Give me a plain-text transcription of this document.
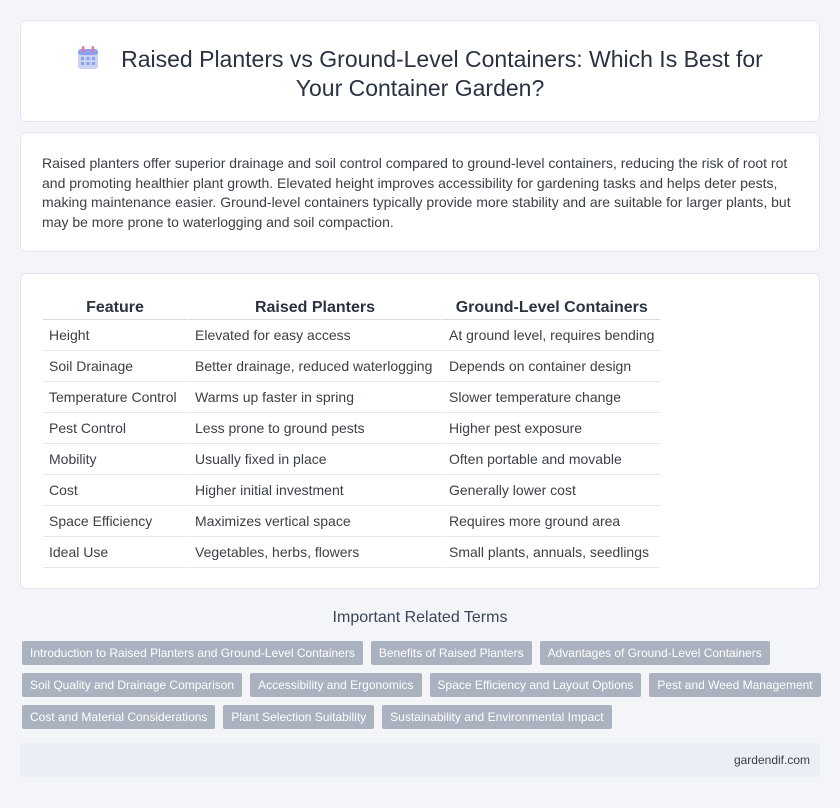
Raised Planters vs Ground-Level Containers: Which Is Best for Your Container Garden?

Raised planters offer superior drainage and soil control compared to ground-level containers, reducing the risk of root rot and promoting healthier plant growth. Elevated height improves accessibility for gardening tasks and helps deter pests, making maintenance easier. Ground-level containers typically provide more stability and are suitable for larger plants, but may be more prone to waterlogging and soil compaction.

Feature	Raised Planters	Ground-Level Containers
Height	Elevated for easy access	At ground level, requires bending
Soil Drainage	Better drainage, reduced waterlogging	Depends on container design
Temperature Control	Warms up faster in spring	Slower temperature change
Pest Control	Less prone to ground pests	Higher pest exposure
Mobility	Usually fixed in place	Often portable and movable
Cost	Higher initial investment	Generally lower cost
Space Efficiency	Maximizes vertical space	Requires more ground area
Ideal Use	Vegetables, herbs, flowers	Small plants, annuals, seedlings
Important Related Terms
Introduction to Raised Planters and Ground-Level Containers	Benefits of Raised Planters	Advantages of Ground-Level Containers
Soil Quality and Drainage Comparison	Accessibility and Ergonomics	Space Efficiency and Layout Options	Pest and Weed Management
Cost and Material Considerations	Plant Selection Suitability	Sustainability and Environmental Impact
gardendif.com
